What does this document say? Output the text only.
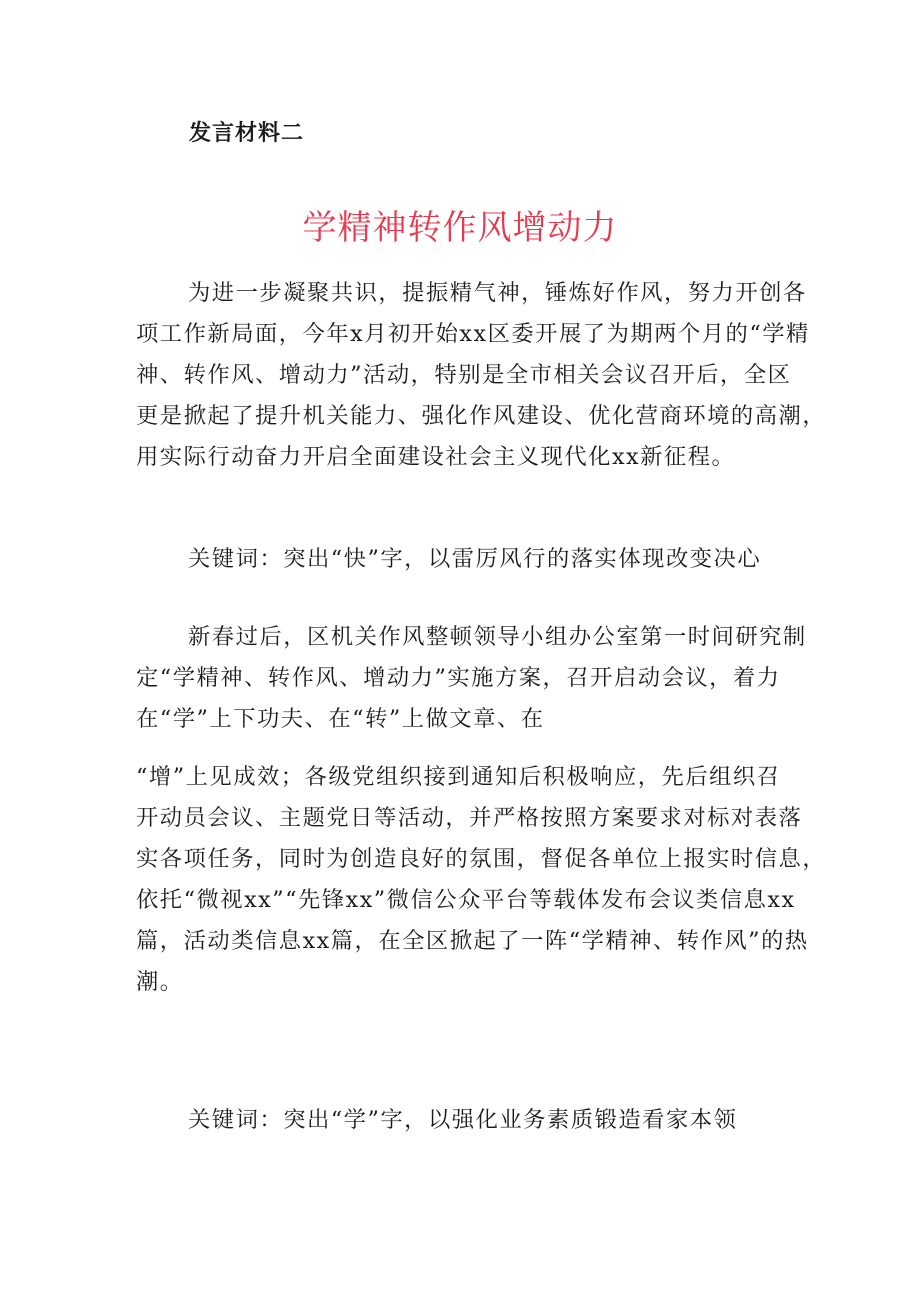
发言材料二
学精神转作风增动力
为进一步凝聚共识，提振精气神，锤炼好作风，努力开创各
项工作新局面，今年x月初开始xx区委开展了为期两个月的“学精
神、转作风、增动力”活动，特别是全市相关会议召开后，全区
更是掀起了提升机关能力、强化作风建设、优化营商环境的高潮，
用实际行动奋力开启全面建设社会主义现代化xx新征程。
关键词：突出“快”字，以雷厉风行的落实体现改变决心
新春过后，区机关作风整顿领导小组办公室第一时间研究制
定“学精神、转作风、增动力”实施方案，召开启动会议，着力
在“学”上下功夫、在“转”上做文章、在
“增”上见成效；各级党组织接到通知后积极响应，先后组织召
开动员会议、主题党日等活动，并严格按照方案要求对标对表落
实各项任务，同时为创造良好的氛围，督促各单位上报实时信息，
依托“微视xx”“先锋xx”微信公众平台等载体发布会议类信息xx
篇，活动类信息xx篇，在全区掀起了一阵“学精神、转作风”的热
潮。
关键词：突出“学”字，以强化业务素质锻造看家本领
